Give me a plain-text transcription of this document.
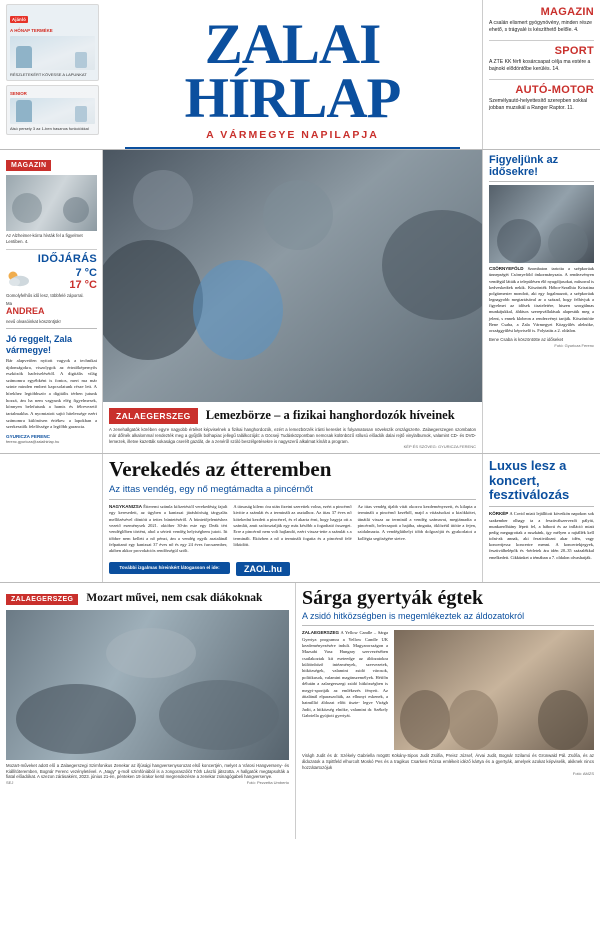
Ajánló
A HÓNAP TERMÉKE
RÉSZLETEKÉRT KÖVESSE A LAPUNKAT
SENIOR
Alsó persely 3 az 1-ben hasznos funkciókkal
ZALAI HÍRLAP
A VÁRMEGYE NAPILAPJA
MAGAZIN
A csalán elismert gyógynövény, minden része ehető, s trágyalé is készíthető belőle. 4.
SPORT
A ZTE KK férfi kosárcsapat célja ma estére a bajnoki elődöntőbe kerülés. 14.
AUTÓ-MOTOR
Személyautó-helyettesítő szerepben sokkal jobban muzsikál a Ranger Raptor. 11.
MAGAZIN
Az Alzheimer-kórra hívták fel a figyelmet Lentiben. 4.
IDŐJÁRÁS
7 °C
17 °C
Gomolyfelhős idő lesz, többfelé záporral.
Ma
ANDREA
nevű olvasóinkat köszöntjük!
Jó reggelt, Zala vármegye!
Bár alapvetően nyitott vagyok a technikai újdonságokra, viszolygok az érintőképernyős eszközök hadviselésétől. A digitális világ számomra egyébként is fontos, mert ma már szinte minden emberi kapcsolatunk része lett. A hírekhez legtöbbször a digitális térben jutunk hozzá, ám ha nem vagyunk elég figyelmesek, könnyen belefutunk a hamis és félrevezető tartalmakba. A nyomtatott sajtó hitelessége ezért számomra különösen értékes: a lapokban a szerkesztők felelőssége a legfőbb garancia.
GYURICZA FERENC
ferenc.gyuricza@zalaihirlap.hu
ZALAEGERSZEG Lemezbörze – a fizikai hanghordozók híveinek
A zenehallgatók körében egyre nagyobb értéket képviselnek a fizikai hanghordozók, ezért a lemezbörzék iránti kereslet is folyamatosan növekszik országszerte. Zalaegerszegen szombaton már dőlnék alkalommal rendezték meg a gyűjtők bolhapiac jellegű találkozóját: a Göcseji Tudásközpontban nemcsak különböző stílusú előadók dalai rejtő vinylalbumok, valamint CD- és DVD-lemezek, illetve kazetták sokasága cserélt gazdát, de a zenéről szóló beszélgetésekre is nagyszerű alkalmat kínált a program.
KÉP ÉS SZÖVEG: GYURICZA FERENC
Figyeljünk az idősekre!
CSÖRNYEFÖLD Szombaton tartotta a szépkorúak ünnepségét Csörnyeföld önkormányzata. A rendezvényen vendégül látták a településen élő nyugdíjasokat, műsorral is kedveskedtek nekik. Köszönték Hóbor-Szralhia Krisztina polgármester mondott, aki egy fogalmazott, a szépkorúak legnagyobb megtartásával ar a század, hogy felhívjuk a figyelmet az idősek tiszteletére, hiszen szorgálmas munkájukkal, áldásos szerepvállalásuk alapestük meg a jelent, s ennek klobeon a rendezvényt tartják. Köszöntötte Bene Csaba, a Zala Vármegyei Közgyűlés alelnöke, országgyűlési képviselő is. Folytatás a 2. oldalon.
Bene Csaba is köszöntötte az időseket
Fotó: Gyuricza Ferenc
Verekedés az étteremben
Az ittas vendég, egy nő megtámadta a pincérnőt
NAGYKANIZSA Étteremi számla kifizetéstől verekedésig fajult egy keresedett, az ügyben a kanizsai járásbíróság tárgyalás mellőzésével döntött a tettes büntetéséről. A büntetőjelentéshez vezető eseménysek 2021. október 30-án este egy Deák téri vendéglőben történt, ahol a sértett vendég helyiségbem jutott. Itt többre nem kellett a nő pénzt, ám a vendég egyik asztalánál felpattanó egy kanizsai 37 éves nő és egy 24 éves furcsaember, akiben akkor provokációs rendőrségül szólt.
A társaság kilenc óra után fizetni szerettek volna, ezért a pincérnő kivitte a számlát és a terminált az asztalhoz. Az ittas 37 éves nő kötekedni kezdett a pincérrel, és el akarta érni, hogy hagyja ott a számlát, amit szótosztalják egy más később a fogadtató összeget. Erre a pincérnő nem volt hajlandó, ezért vissza-tette a számlát s a terminált. Eközben a nő a terminált fogatta és a pincérnő felé löküdött.
Az ittas vendég újabb vitát okozva kezdeményezett, és kilapta a terminált a pincérnő kezéből, majd a vitázásokat a kizökkötet, útnátlá vissza az terminál a vendég számavat, megtámadta a pincérnőt, belecsapott a hajába, rángatta, öklözéül ütötte a fejen, szidalmazta. A vendégláthelyi több dolgozóját és gyakorlatot a kollégia segítségére sietve.
További izgalmas híreinkért látogasson el ide:	ZAOL.hu
Luxus lesz a koncert, fesztiválozás
KÖRKÉP A Covid miatt lejállított követkön napokon sok szakember olhagy ta a fesztiválszervezői pályát, munkaerőhiány lépett fel, a háború és az infláció miatt pedig megugrottak a ruszkánk, így mélyen a rajtállék kell tolni-ak annak, aki fesztiválozni akar idén, vagy koncertjessz koncertre menni. A koncertekjegyek, fesztiválbelépők és -bérletek ára idén 20–35 százalékkal emelkedett. Cikkünket a témában a 7. oldalon olvashatják.
ZALAEGERSZEG Mozart művei, nem csak diákoknak
Mozart-műveket adott elő a Zalaegerszegi Szimfonikus Zenekar az ifjúsági hangversenysorozat első koncertjén, melyet a Városi Hangverseny- és Kiállítóteremben, Bognár Ferenc vezényletével. A „Nagy” g-moll szimfóniából is a zongoraszólót Tóth László játszotta. A hallgatók megtapsolták a fiatal előadókat. A szezon zárásaként, 2023. június 21-én, pénteken 19 órakor kerül megrendezésre a zenekar zsinagógabeli hangversenye.
SEJ	Fotó: Pezzetta Umberto
Sárga gyertyák égtek
A zsidó hitközségben is megemlékeztek az áldozatokról
ZALAEGERSZEG A Yellow Candle – Sárga Gyertya programra a Yellow Candle UK kezdeményezésére indult. Magyarországon a Mazsabi Vasz Hungary szervezésében csatlakoztak kit eseteedge az áldozatokra külöönböző intézmények, szervezetek, hitközségek, valamint zsidó városok, politikusok, valamint magánszemélyek. Hétfőn délután a zalaegerszegi zsidó hitközségben is megyi-sportják az emlékezés fényeit. Az áttalánál elparaszolták, az elhunyt eskenek, a hatmillió áldozat előtt tiszte- legve Virágh Judit, a hitközség elnöke, valamint dr. Székely Gabriella gyújtott gyertyát.
Virágh Judit és dr. Székely Gabriella mögött Kökány-Sipos Judit Zsófia, Preisz József, Árvai Judit, Bognár Szilamó és Grünwald Pál. Zsófia, és az áldozatok a Spittfeld elhurcolt Moskó Pes és a tragikus Csarkesi Rózsa emlékeit idéző kártya és a gyertyák, amelyek azokat képviselik, akiknek nincs hozzátartozójuk
Fotó: AMZS
